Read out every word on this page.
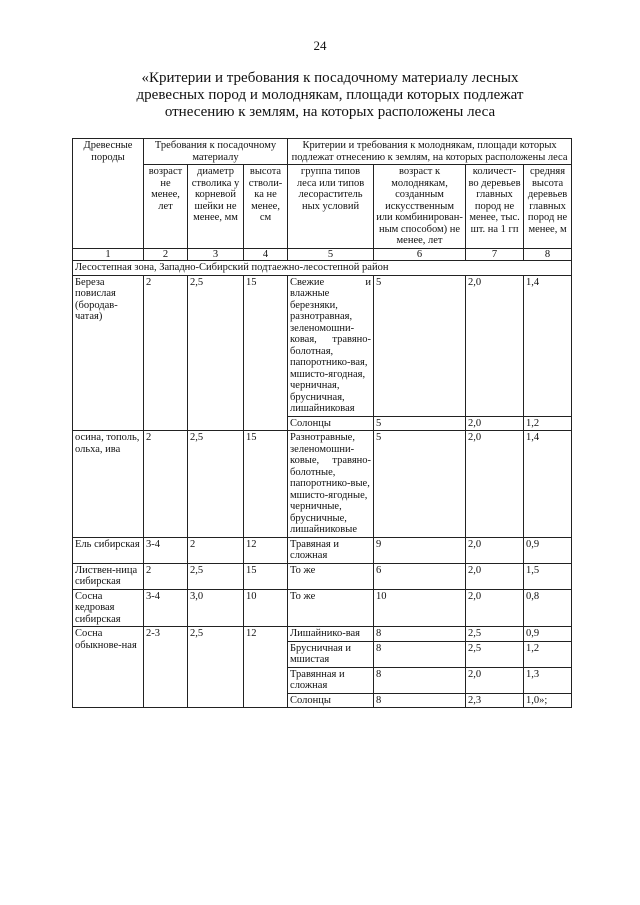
24
«Критерии и требования к посадочному материалу лесных древесных пород и молоднякам, площади которых подлежат отнесению к землям, на которых расположены леса
Древесные породы	Требования к посадочному материалу			Критерии и требования к молоднякам, площади которых подлежат отнесению к землям, на которых расположены леса			
	возраст не менее, лет	диаметр стволика у корневой шейки не менее, мм	высота стволи-ка не менее, см	группа типов леса или типов лесораститель ных условий	возраст к молоднякам, созданным искусственным или комбинирован-ным способом) не менее, лет	количест-во деревьев главных пород не менее, тыс. шт. на 1 гп	средняя высота деревьев главных пород не менее, м
1	2	3	4	5	6	7	8
Лесостепная зона, Западно-Сибирский подтаежно-лесостепной район							
Береза повислая (бородав-чатая)	2	2,5	15	Свежие и влажные березняки, разнотравная, зеленомошни-ковая, травяно-болотная, папоротнико-вая, мшисто-ягодная, черничная, брусничная, лишайниковая	5	2,0	1,4
				Солонцы	5	2,0	1,2
осина, тополь, ольха, ива	2	2,5	15	Разнотравные, зеленомошни-ковые, травяно-болотные, папоротнико-вые, мшисто-ягодные, черничные, брусничные, лишайниковые	5	2,0	1,4
Ель сибирская	3-4	2	12	Травяная и сложная	9	2,0	0,9
Листвен-ница сибирская	2	2,5	15	То же	6	2,0	1,5
Сосна кедровая сибирская	3-4	3,0	10	То же	10	2,0	0,8
Сосна обыкнове-ная	2-3	2,5	12	Лишайнико-вая	8	2,5	0,9
				Брусничная и мшистая	8	2,5	1,2
				Травянная и сложная	8	2,0	1,3
				Солонцы	8	2,3	1,0»;
